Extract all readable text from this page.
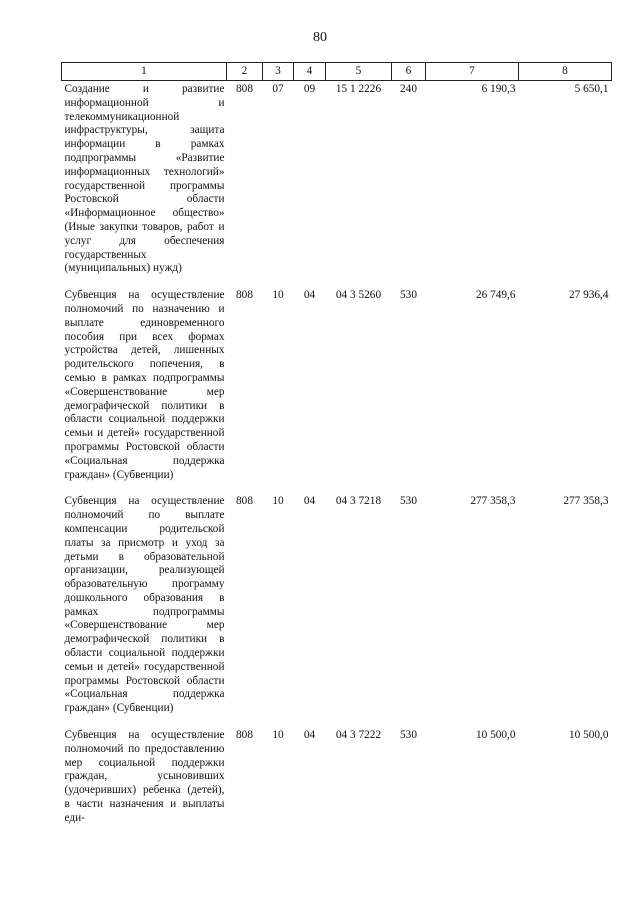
80
1	2	3	4	5	6	7	8
Создание и развитие информационной и телекоммуникационной инфраструктуры, защита информации в рамках подпрограммы «Развитие информационных технологий» государственной программы Ростовской области «Информационное общество» (Иные закупки товаров, работ и услуг для обеспечения государственных (муниципальных) нужд)	808	07	09	15 1 2226	240	6 190,3	5 650,1
Субвенция на осуществление полномочий по назначению и выплате единовременного пособия при всех формах устройства детей, лишенных родительского попечения, в семью в рамках подпрограммы «Совершенствование мер демографической политики в области социальной поддержки семьи и детей» государственной программы Ростовской области «Социальная поддержка граждан» (Субвенции)	808	10	04	04 3 5260	530	26 749,6	27 936,4
Субвенция на осуществление полномочий по выплате компенсации родительской платы за присмотр и уход за детьми в образовательной организации, реализующей образовательную программу дошкольного образования в рамках подпрограммы «Совершенствование мер демографической политики в области социальной поддержки семьи и детей» государственной программы Ростовской области «Социальная поддержка граждан» (Субвенции)	808	10	04	04 3 7218	530	277 358,3	277 358,3
Субвенция на осуществление полномочий по предоставлению мер социальной поддержки граждан, усыновивших (удочеривших) ребенка (детей), в части назначения и выплаты еди-	808	10	04	04 3 7222	530	10 500,0	10 500,0
